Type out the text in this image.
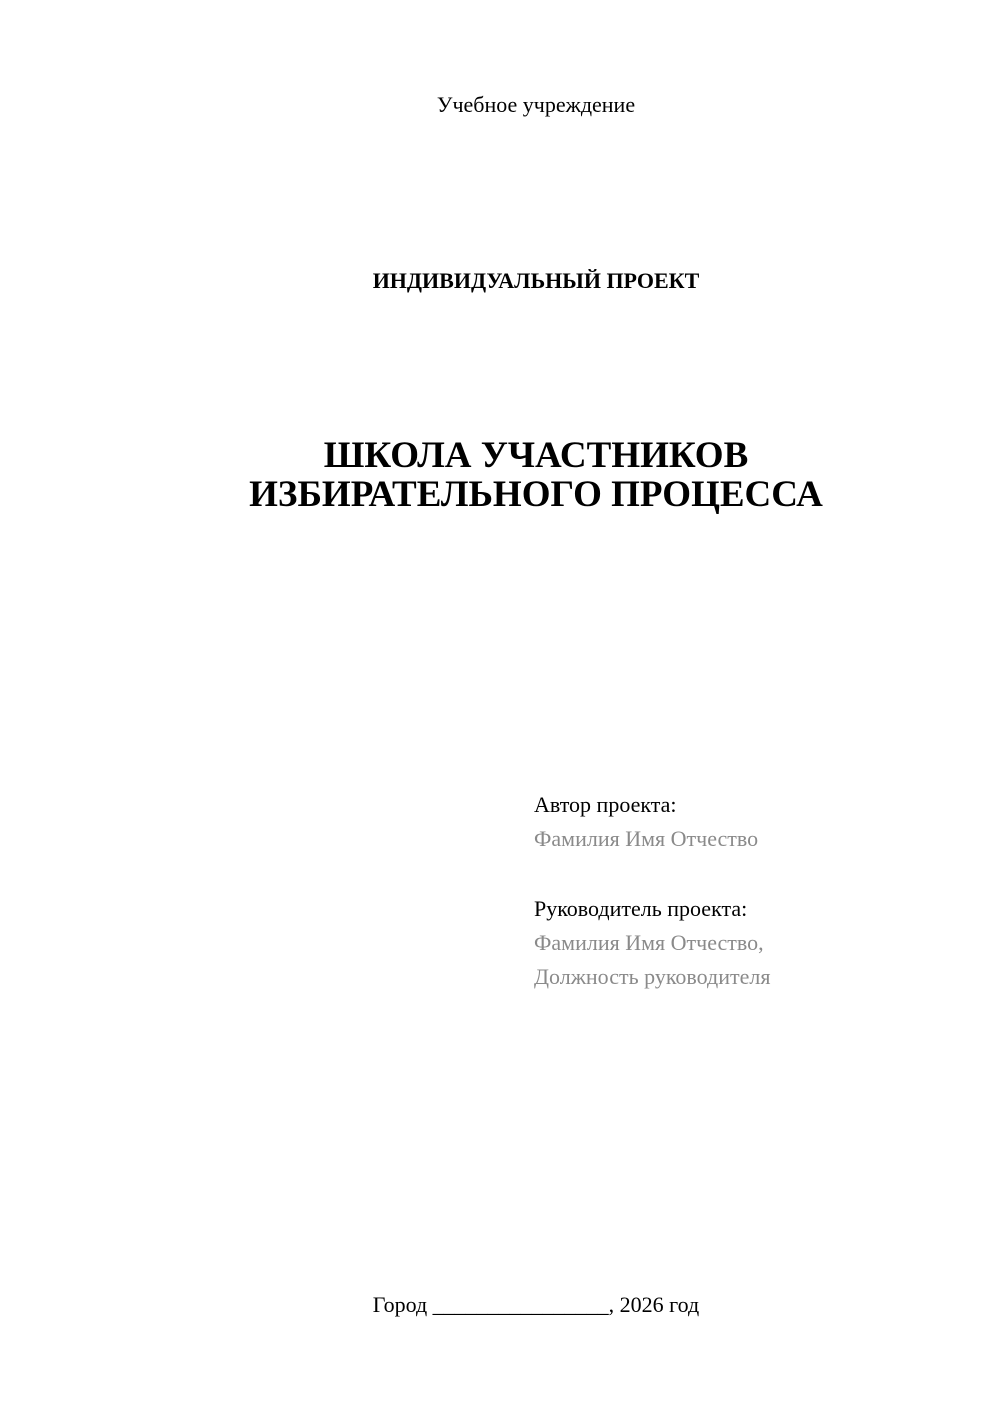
Учебное учреждение
ИНДИВИДУАЛЬНЫЙ ПРОЕКТ
ШКОЛА УЧАСТНИКОВ
ИЗБИРАТЕЛЬНОГО ПРОЦЕССА
Автор проекта:
Фамилия Имя Отчество
Руководитель проекта:
Фамилия Имя Отчество,
Должность руководителя
Город ________________, 2026 год
